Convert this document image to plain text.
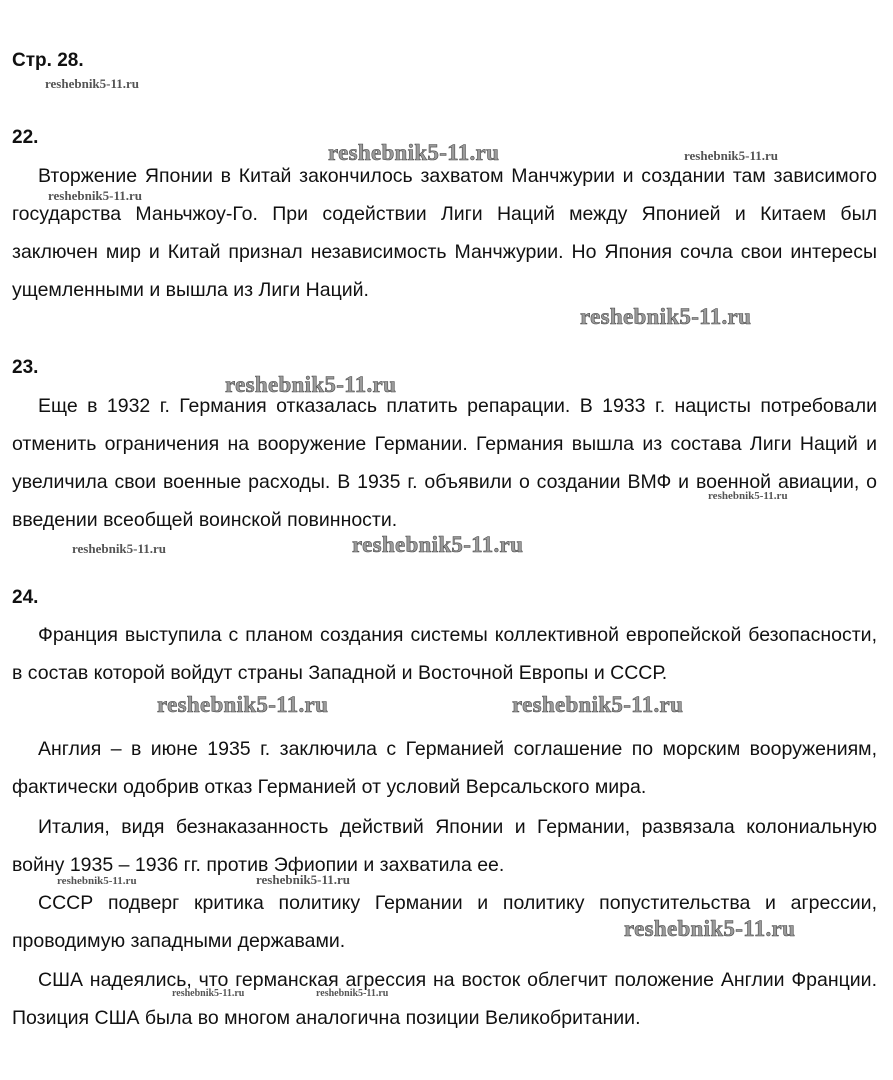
Стр. 28.
22.

Вторжение Японии в Китай закончилось захватом Манчжурии и создании там зависимого государства Маньчжоу-Го. При содействии Лиги Наций между Японией и Китаем был заключен мир и Китай признал независимость Манчжурии. Но Япония сочла свои интересы ущемленными и вышла из Лиги Наций.

23.

Еще в 1932 г. Германия отказалась платить репарации. В 1933 г. нацисты потребовали отменить ограничения на вооружение Германии. Германия вышла из состава Лиги Наций и увеличила свои военные расходы. В 1935 г. объявили о создании ВМФ и военной авиации, о введении всеобщей воинской повинности.

24.

Франция выступила с планом создания системы коллективной европейской безопасности, в состав которой войдут страны Западной и Восточной Европы и СССР.

Англия – в июне 1935 г. заключила с Германией соглашение по морским вооружениям, фактически одобрив отказ Германией от условий Версальского мира.

Италия, видя безнаказанность действий Японии и Германии, развязала колониальную войну 1935 – 1936 гг. против Эфиопии и захватила ее.

СССР подверг критика политику Германии и политику попустительства и агрессии, проводимую западными державами.

США надеялись, что германская агрессия на восток облегчит положение Англии Франции. Позиция США была во многом аналогична позиции Великобритании.

reshebnik5-11.ru
reshebnik5-11.ru	reshebnik5-11.ru
reshebnik5-11.ru
reshebnik5-11.ru
reshebnik5-11.ru
reshebnik5-11.ru
reshebnik5-11.ru	reshebnik5-11.ru
reshebnik5-11.ru	reshebnik5-11.ru
reshebnik5-11.ru	reshebnik5-11.ru
reshebnik5-11.ru
reshebnik5-11.ru	reshebnik5-11.ru
